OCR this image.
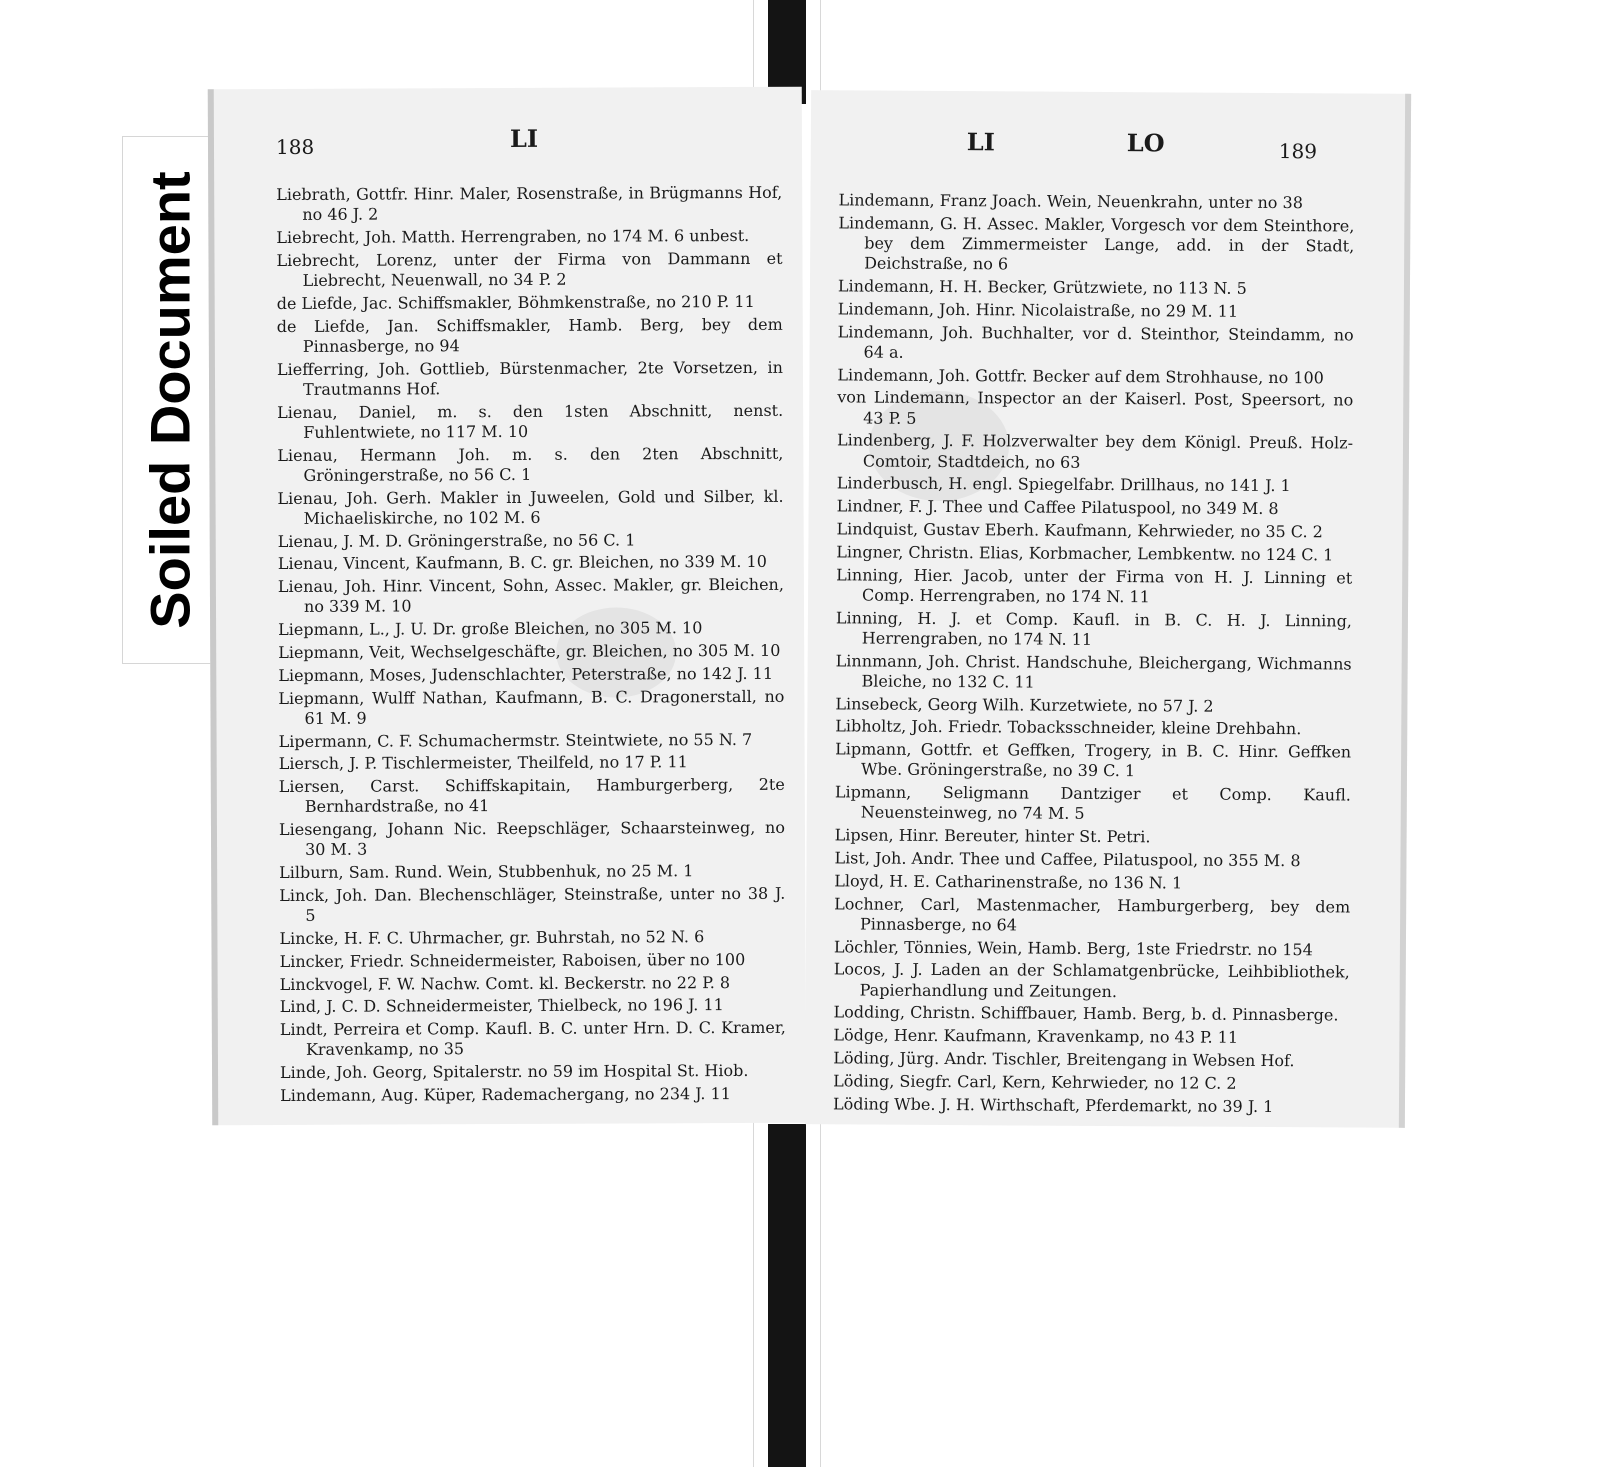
Soiled Document
188	LI
Liebrath, Gottfr. Hinr. Maler, Rosenstraße, in Brügmanns Hof, no 46 J. 2
Liebrecht, Joh. Matth. Herrengraben, no 174 M. 6 unbest.
Liebrecht, Lorenz, unter der Firma von Dammann et Liebrecht, Neuenwall, no 34 P. 2
de Liefde, Jac. Schiffsmakler, Böhmkenstraße, no 210 P. 11
de Liefde, Jan. Schiffsmakler, Hamb. Berg, bey dem Pinnasberge, no 94
Liefferring, Joh. Gottlieb, Bürstenmacher, 2te Vorsetzen, in Trautmanns Hof.
Lienau, Daniel, m. s. den 1sten Abschnitt, nenst. Fuhlentwiete, no 117 M. 10
Lienau, Hermann Joh. m. s. den 2ten Abschnitt, Gröningerstraße, no 56 C. 1
Lienau, Joh. Gerh. Makler in Juweelen, Gold und Silber, kl. Michaeliskirche, no 102 M. 6
Lienau, J. M. D. Gröningerstraße, no 56 C. 1
Lienau, Vincent, Kaufmann, B. C. gr. Bleichen, no 339 M. 10
Lienau, Joh. Hinr. Vincent, Sohn, Assec. Makler, gr. Bleichen, no 339 M. 10
Liepmann, L., J. U. Dr. große Bleichen, no 305 M. 10
Liepmann, Veit, Wechselgeschäfte, gr. Bleichen, no 305 M. 10
Liepmann, Moses, Judenschlachter, Peterstraße, no 142 J. 11
Liepmann, Wulff Nathan, Kaufmann, B. C. Dragonerstall, no 61 M. 9
Lipermann, C. F. Schumachermstr. Steintwiete, no 55 N. 7
Liersch, J. P. Tischlermeister, Theilfeld, no 17 P. 11
Liersen, Carst. Schiffskapitain, Hamburgerberg, 2te Bernhardstraße, no 41
Liesengang, Johann Nic. Reepschläger, Schaarsteinweg, no 30 M. 3
Lilburn, Sam. Rund. Wein, Stubbenhuk, no 25 M. 1
Linck, Joh. Dan. Blechenschläger, Steinstraße, unter no 38 J. 5
Lincke, H. F. C. Uhrmacher, gr. Buhrstah, no 52 N. 6
Lincker, Friedr. Schneidermeister, Raboisen, über no 100
Linckvogel, F. W. Nachw. Comt. kl. Beckerstr. no 22 P. 8
Lind, J. C. D. Schneidermeister, Thielbeck, no 196 J. 11
Lindt, Perreira et Comp. Kaufl. B. C. unter Hrn. D. C. Kramer, Kravenkamp, no 35
Linde, Joh. Georg, Spitalerstr. no 59 im Hospital St. Hiob.
Lindemann, Aug. Küper, Rademachergang, no 234 J. 11
LI	LO	189
Lindemann, Franz Joach. Wein, Neuenkrahn, unter no 38
Lindemann, G. H. Assec. Makler, Vorgesch vor dem Steinthore, bey dem Zimmermeister Lange, add. in der Stadt, Deichstraße, no 6
Lindemann, H. H. Becker, Grützwiete, no 113 N. 5
Lindemann, Joh. Hinr. Nicolaistraße, no 29 M. 11
Lindemann, Joh. Buchhalter, vor d. Steinthor, Steindamm, no 64 a.
Lindemann, Joh. Gottfr. Becker auf dem Strohhause, no 100
von Lindemann, Inspector an der Kaiserl. Post, Speersort, no 43 P. 5
Lindenberg, J. F. Holzverwalter bey dem Königl. Preuß. Holz-Comtoir, Stadtdeich, no 63
Linderbusch, H. engl. Spiegelfabr. Drillhaus, no 141 J. 1
Lindner, F. J. Thee und Caffee Pilatuspool, no 349 M. 8
Lindquist, Gustav Eberh. Kaufmann, Kehrwieder, no 35 C. 2
Lingner, Christn. Elias, Korbmacher, Lembkentw. no 124 C. 1
Linning, Hier. Jacob, unter der Firma von H. J. Linning et Comp. Herrengraben, no 174 N. 11
Linning, H. J. et Comp. Kaufl. in B. C. H. J. Linning, Herrengraben, no 174 N. 11
Linnmann, Joh. Christ. Handschuhe, Bleichergang, Wichmanns Bleiche, no 132 C. 11
Linsebeck, Georg Wilh. Kurzetwiete, no 57 J. 2
Libholtz, Joh. Friedr. Tobacksschneider, kleine Drehbahn.
Lipmann, Gottfr. et Geffken, Trogery, in B. C. Hinr. Geffken Wbe. Gröningerstraße, no 39 C. 1
Lipmann, Seligmann Dantziger et Comp. Kaufl. Neuensteinweg, no 74 M. 5
Lipsen, Hinr. Bereuter, hinter St. Petri.
List, Joh. Andr. Thee und Caffee, Pilatuspool, no 355 M. 8
Lloyd, H. E. Catharinenstraße, no 136 N. 1
Lochner, Carl, Mastenmacher, Hamburgerberg, bey dem Pinnasberge, no 64
Löchler, Tönnies, Wein, Hamb. Berg, 1ste Friedrstr. no 154
Locos, J. J. Laden an der Schlamatgenbrücke, Leihbibliothek, Papierhandlung und Zeitungen.
Lodding, Christn. Schiffbauer, Hamb. Berg, b. d. Pinnasberge.
Lödge, Henr. Kaufmann, Kravenkamp, no 43 P. 11
Löding, Jürg. Andr. Tischler, Breitengang in Websen Hof.
Löding, Siegfr. Carl, Kern, Kehrwieder, no 12 C. 2
Löding Wbe. J. H. Wirthschaft, Pferdemarkt, no 39 J. 1
